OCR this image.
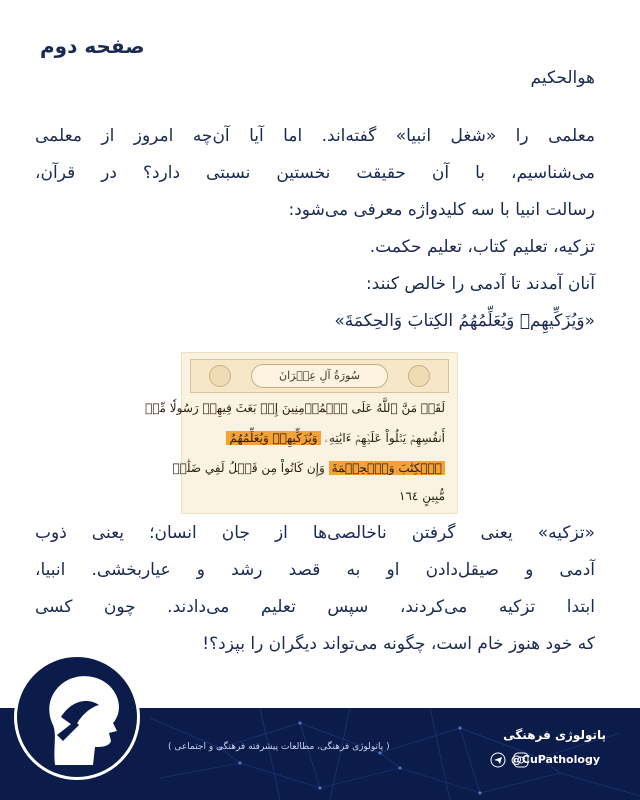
صفحه دوم
هوالحکیم
معلمی را «شغل انبیا» گفته‌اند. اما آیا آن‌چه امروز از معلمی
می‌شناسیم، با آن حقیقت نخستین نسبتی دارد؟ در قرآن،
رسالت انبیا با سه کلیدواژه معرفی می‌شود:
تزکیه، تعلیم کتاب، تعلیم حکمت.
آنان آمدند تا آدمی را خالص کنند:
«وَيُزَكِّيهِمۡ وَيُعَلِّمُهُمُ الكِتابَ وَالحِكمَةَ»
سُورَةُ آلِ عِمۡرَانَ
لَقَدۡ مَنَّ ٱللَّهُ عَلَى ٱلۡمُؤۡمِنِينَ إِذۡ بَعَثَ فِيهِمۡ رَسُولٗا مِّنۡ
أَنفُسِهِمۡ يَتۡلُواْ عَلَيۡهِمۡ ءَايَٰتِهِۦ وَيُزَكِّيهِمۡ وَيُعَلِّمُهُمُ
ٱلۡكِتَٰبَ وَٱلۡحِكۡمَةَ وَإِن كَانُواْ مِن قَبۡلُ لَفِي ضَلَٰلٖ
مُّبِينٍ ١٦٤
«تزکیه» یعنی گرفتن ناخالصی‌ها از جان انسان؛ یعنی ذوب
آدمی و صیقل‌دادن او به قصد رشد و عیاربخشی. انبیا،
ابتدا تزکیه می‌کردند، سپس تعلیم می‌دادند. چون کسی
که خود هنوز خام است، چگونه می‌تواند دیگران را بپزد؟!
پاتولوژی فرهنگی
( پاتولوژی فرهنگی، مطالعات پیشرفته فرهنگی و اجتماعی )
@CuPathology
